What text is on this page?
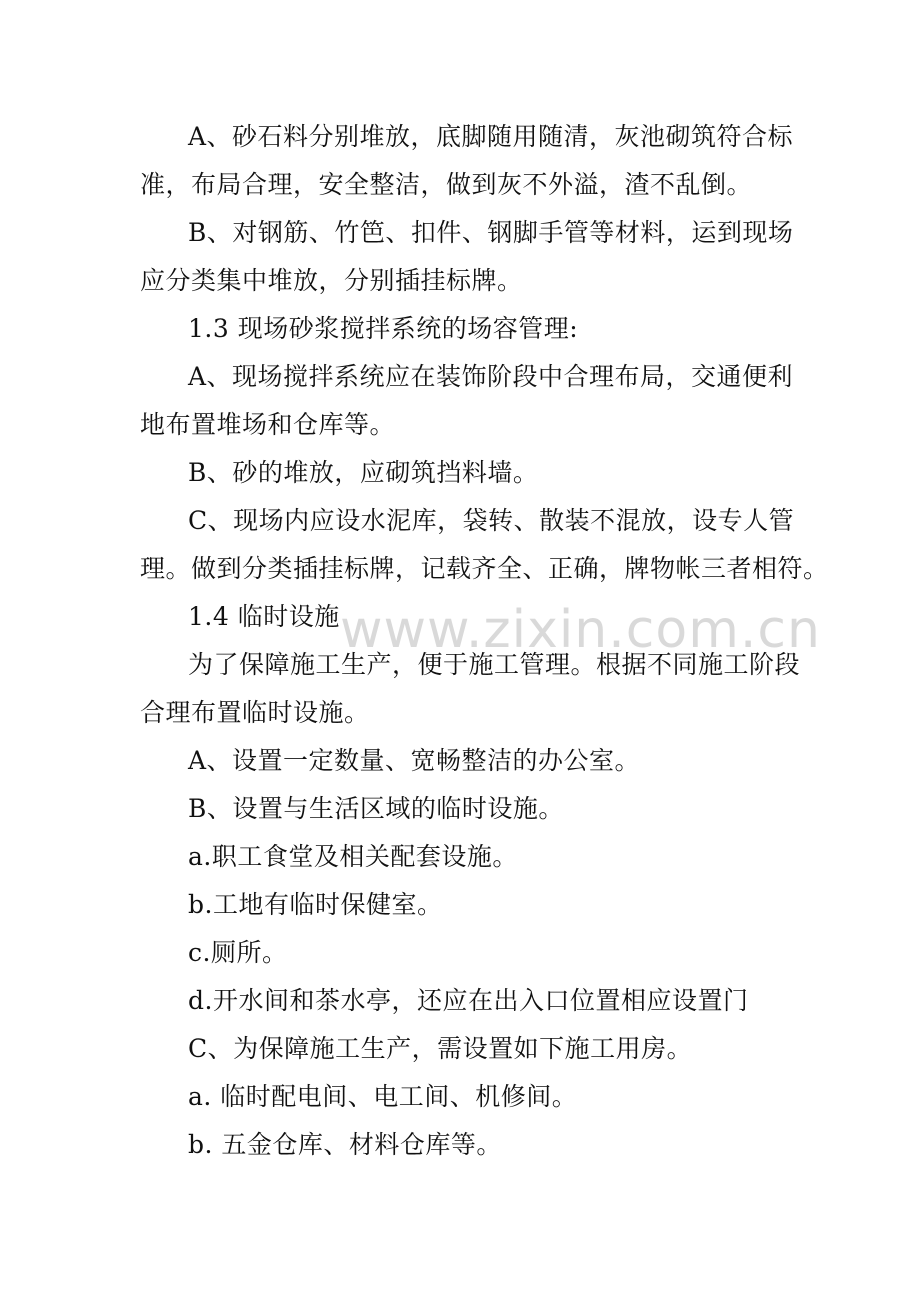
www.zixin.com.cn
A、砂石料分别堆放，底脚随用随清，灰池砌筑符合标
准，布局合理，安全整洁，做到灰不外溢，渣不乱倒。
B、对钢筋、竹笆、扣件、钢脚手管等材料，运到现场
应分类集中堆放，分别插挂标牌。
1.3 现场砂浆搅拌系统的场容管理:
A、现场搅拌系统应在装饰阶段中合理布局，交通便利
地布置堆场和仓库等。
B、砂的堆放，应砌筑挡料墙。
C、现场内应设水泥库，袋转、散装不混放，设专人管
理。做到分类插挂标牌，记载齐全、正确，牌物帐三者相符。
1.4 临时设施
为了保障施工生产，便于施工管理。根据不同施工阶段
合理布置临时设施。
A、设置一定数量、宽畅整洁的办公室。
B、设置与生活区域的临时设施。
a.职工食堂及相关配套设施。
b.工地有临时保健室。
c.厕所。
d.开水间和茶水亭，还应在出入口位置相应设置门
C、为保障施工生产，需设置如下施工用房。
a. 临时配电间、电工间、机修间。
b. 五金仓库、材料仓库等。
